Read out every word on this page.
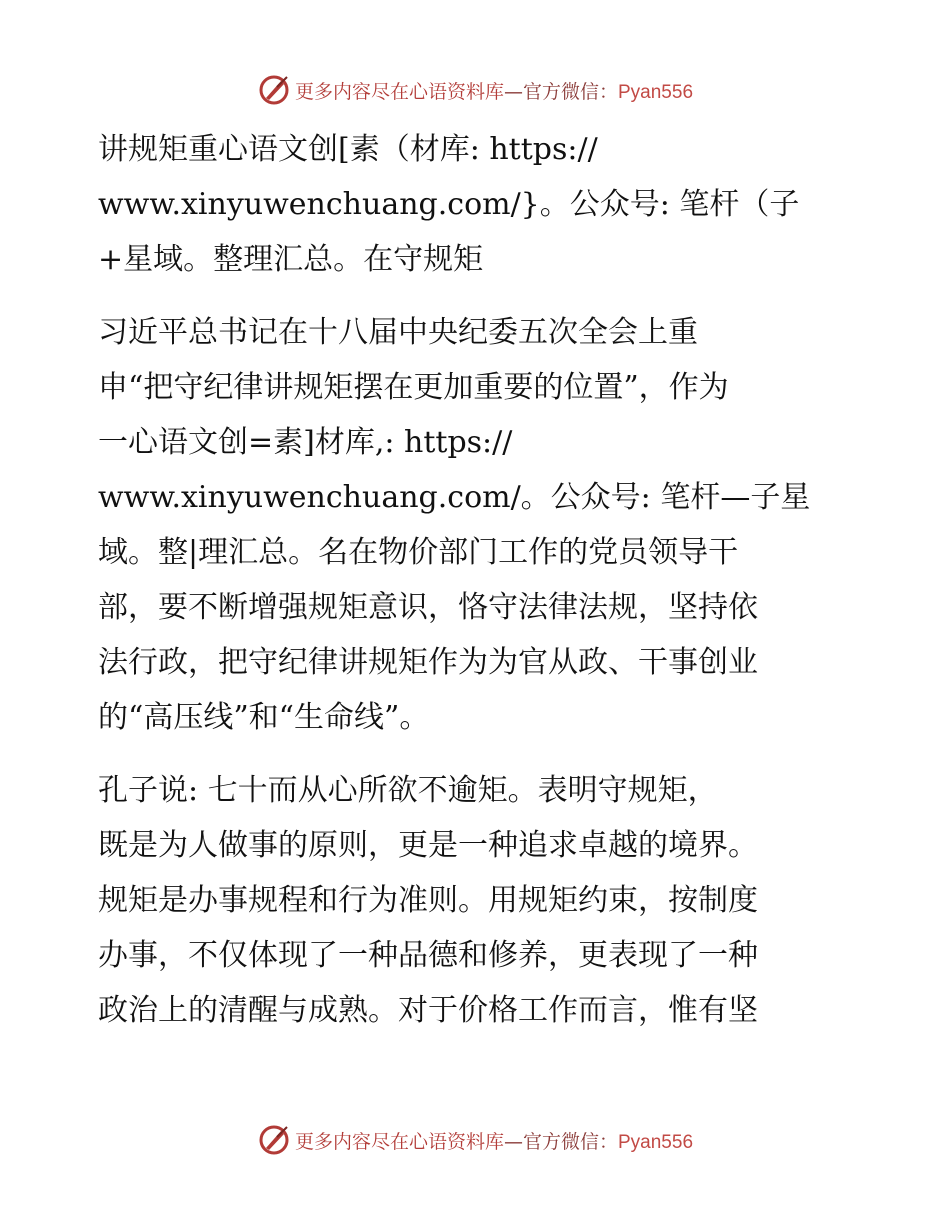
更多内容尽在心语资料库—官方微信：Pyan556

讲规矩重心语文创[素（材库: https://
www.xinyuwenchuang.com/}。公众号: 笔杆（子
+星域。整理汇总。在守规矩

习近平总书记在十八届中央纪委五次全会上重
申“把守纪律讲规矩摆在更加重要的位置”，作为
一心语文创=素]材库,: https://
www.xinyuwenchuang.com/。公众号: 笔杆—子星
域。整|理汇总。名在物价部门工作的党员领导干
部，要不断增强规矩意识，恪守法律法规，坚持依
法行政，把守纪律讲规矩作为为官从政、干事创业
的“高压线”和“生命线”。

孔子说: 七十而从心所欲不逾矩。表明守规矩，
既是为人做事的原则，更是一种追求卓越的境界。
规矩是办事规程和行为准则。用规矩约束，按制度
办事，不仅体现了一种品德和修养，更表现了一种
政治上的清醒与成熟。对于价格工作而言，惟有坚

更多内容尽在心语资料库—官方微信：Pyan556
